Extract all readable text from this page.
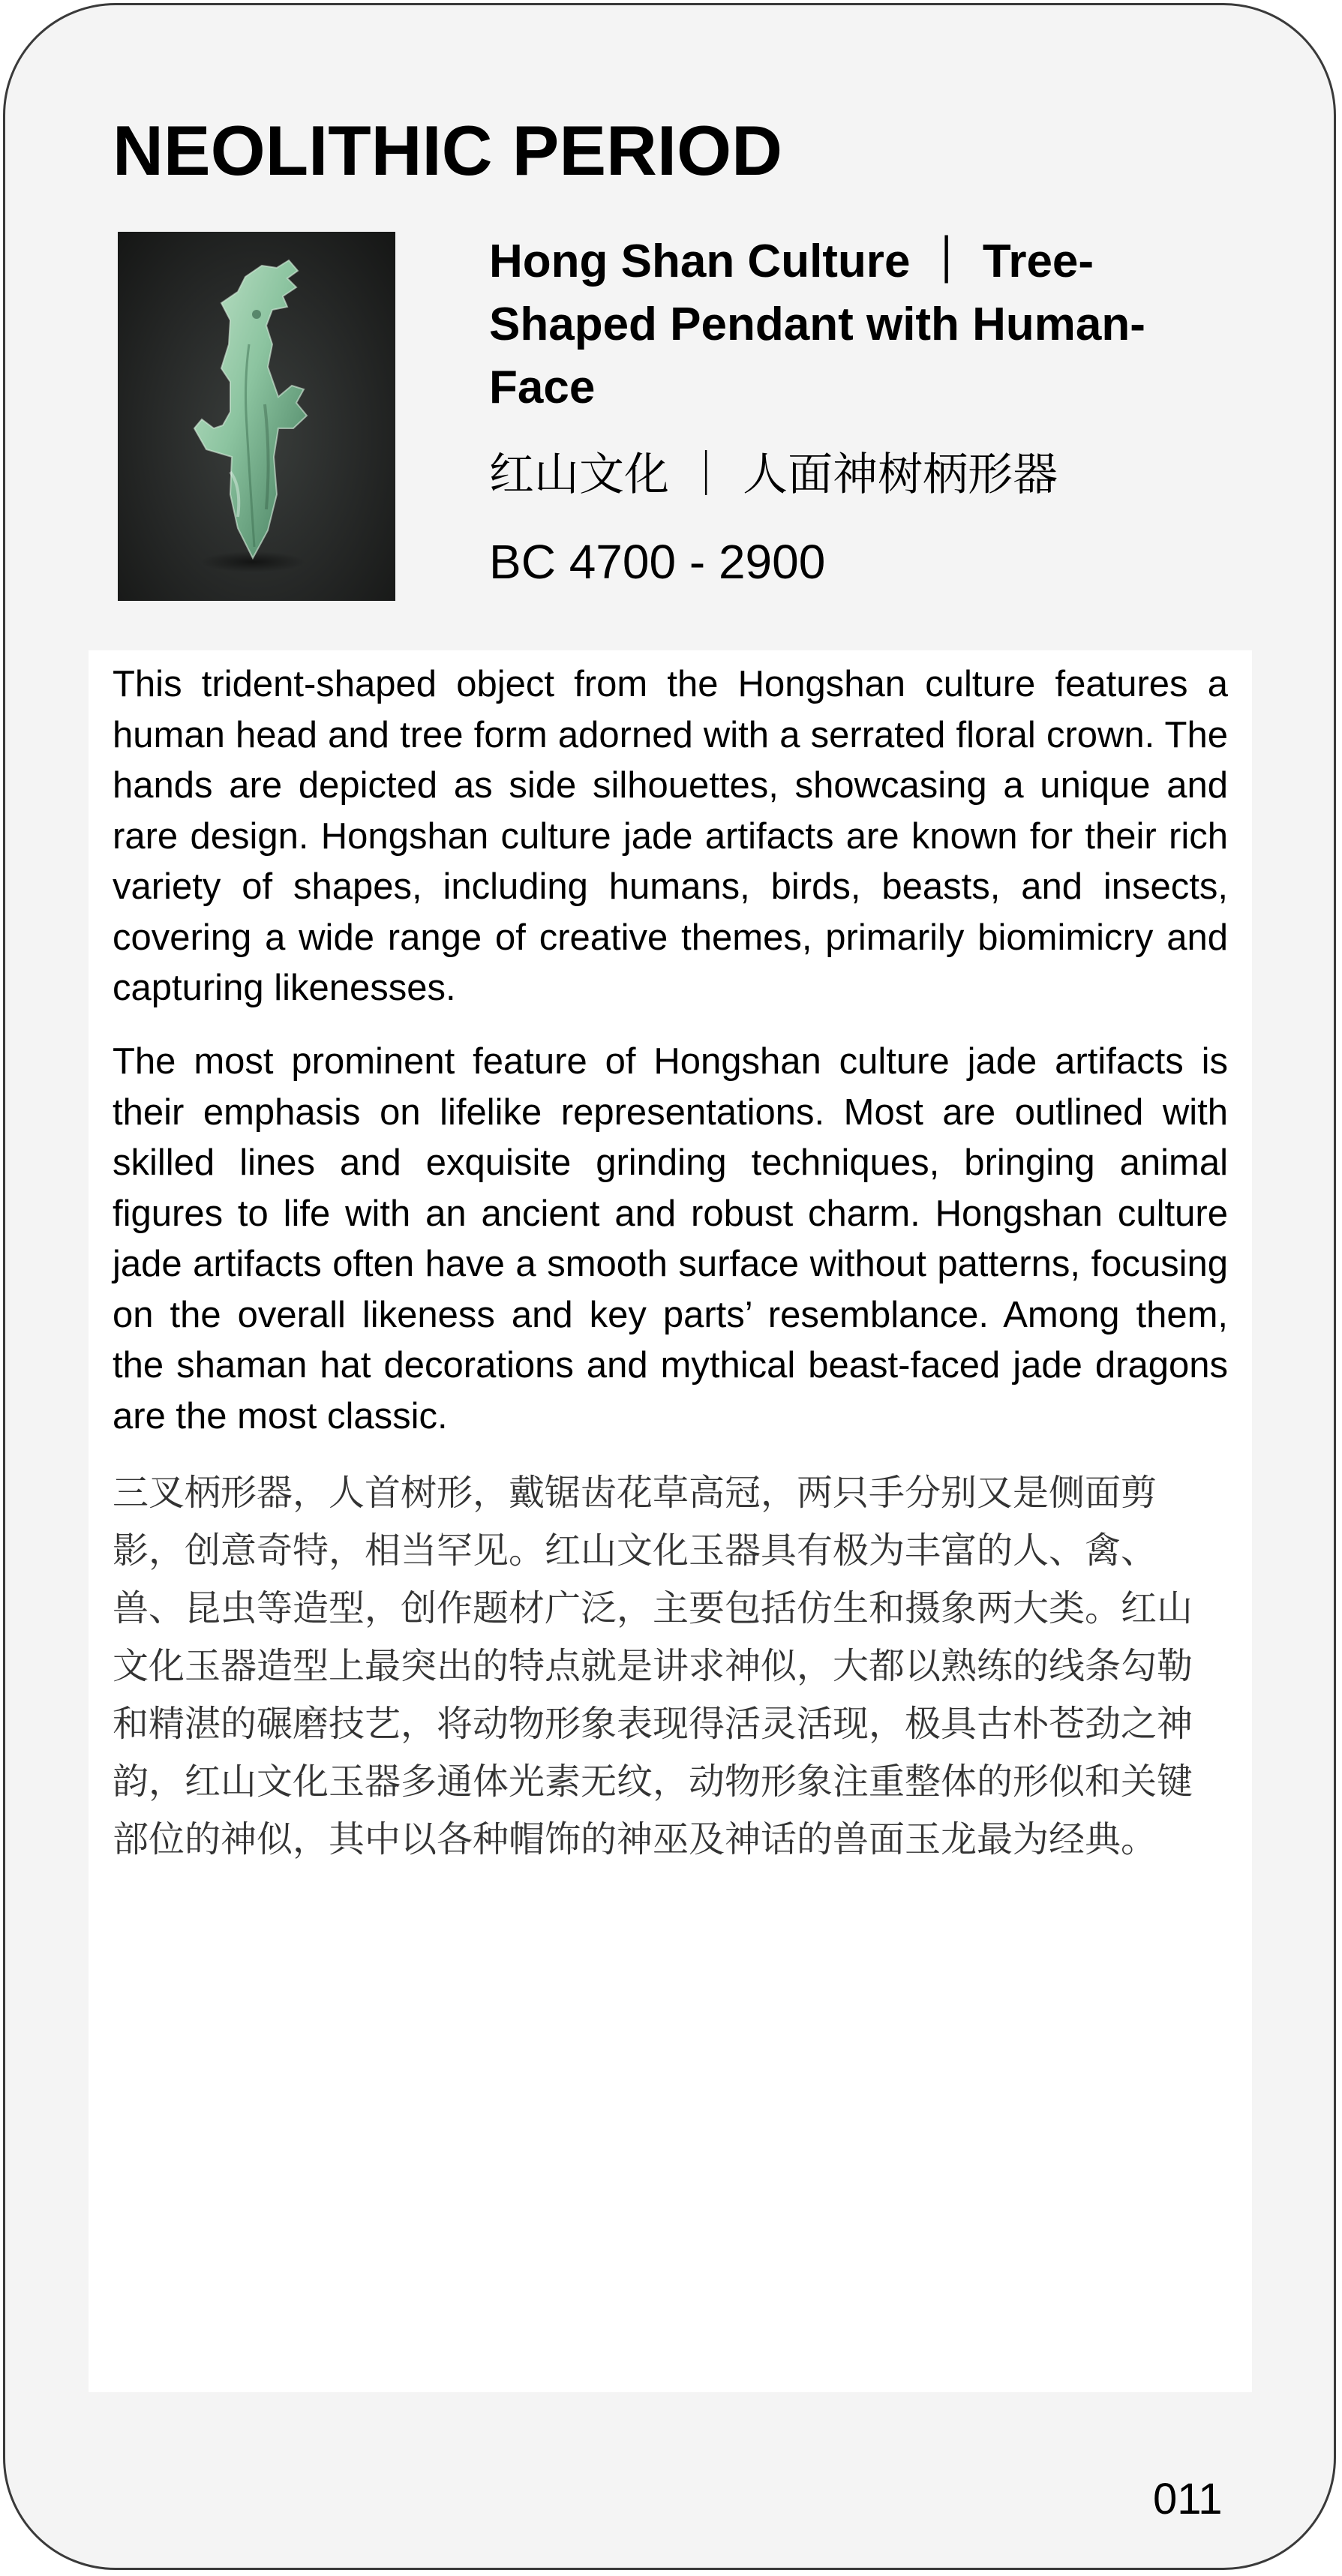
NEOLITHIC PERIOD

Hong Shan Culture ｜ Tree-Shaped Pendant with Human-Face

红山文化 ｜ 人面神树柄形器
BC 4700 - 2900

This trident-shaped object from the Hongshan culture features a human head and tree form adorned with a serrated floral crown. The hands are depicted as side silhouettes, showcasing a unique and rare design. Hongshan culture jade artifacts are known for their rich variety of shapes, including humans, birds, beasts, and insects, covering a wide range of creative themes, primarily biomimicry and capturing likenesses.

The most prominent feature of Hongshan culture jade artifacts is their emphasis on lifelike representations. Most are outlined with skilled lines and exquisite grinding techniques, bringing animal figures to life with an ancient and robust charm. Hongshan culture jade artifacts often have a smooth surface without patterns, focusing on the overall likeness and key parts’ resemblance. Among them, the shaman hat decorations and mythical beast-faced jade dragons are the most classic.

三叉柄形器，人首树形，戴锯齿花草高冠，两只手分别又是侧面剪影，创意奇特，相当罕见。红山文化玉器具有极为丰富的人、禽、兽、昆虫等造型，创作题材广泛，主要包括仿生和摄象两大类。红山文化玉器造型上最突出的特点就是讲求神似，大都以熟练的线条勾勒和精湛的碾磨技艺，将动物形象表现得活灵活现，极具古朴苍劲之神韵，红山文化玉器多通体光素无纹，动物形象注重整体的形似和关键部位的神似，其中以各种帽饰的神巫及神话的兽面玉龙最为经典。

011
